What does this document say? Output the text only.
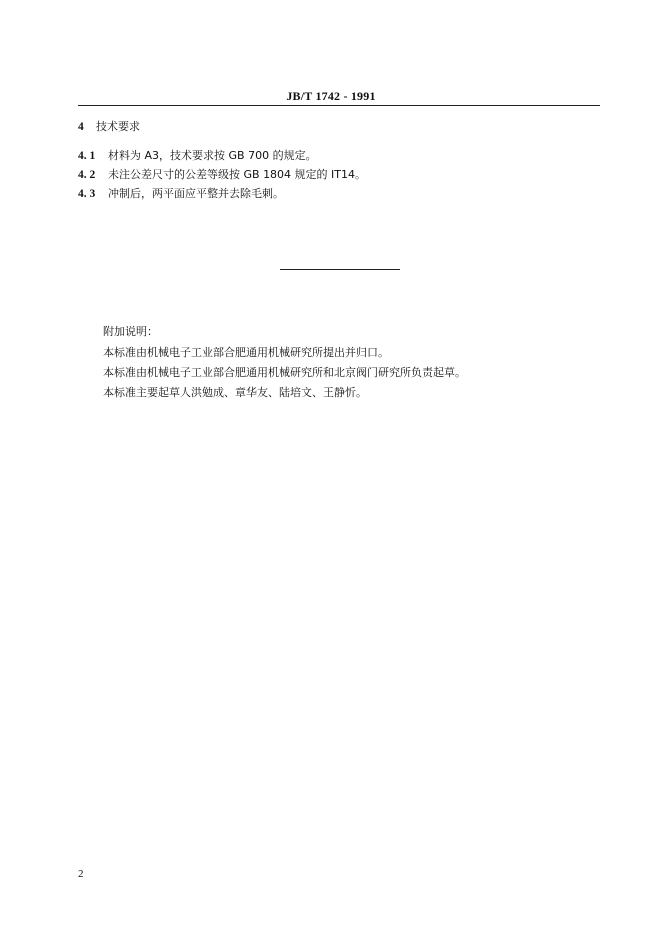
JB/T 1742 - 1991
4 技术要求
4. 1 材料为 A3，技术要求按 GB 700 的规定。
4. 2 未注公差尺寸的公差等级按 GB 1804 规定的 IT14。
4. 3 冲制后，两平面应平整并去除毛刺。
附加说明：
本标准由机械电子工业部合肥通用机械研究所提出并归口。
本标准由机械电子工业部合肥通用机械研究所和北京阀门研究所负责起草。
本标准主要起草人洪勉成、章华友、陆培文、王静忻。
2
